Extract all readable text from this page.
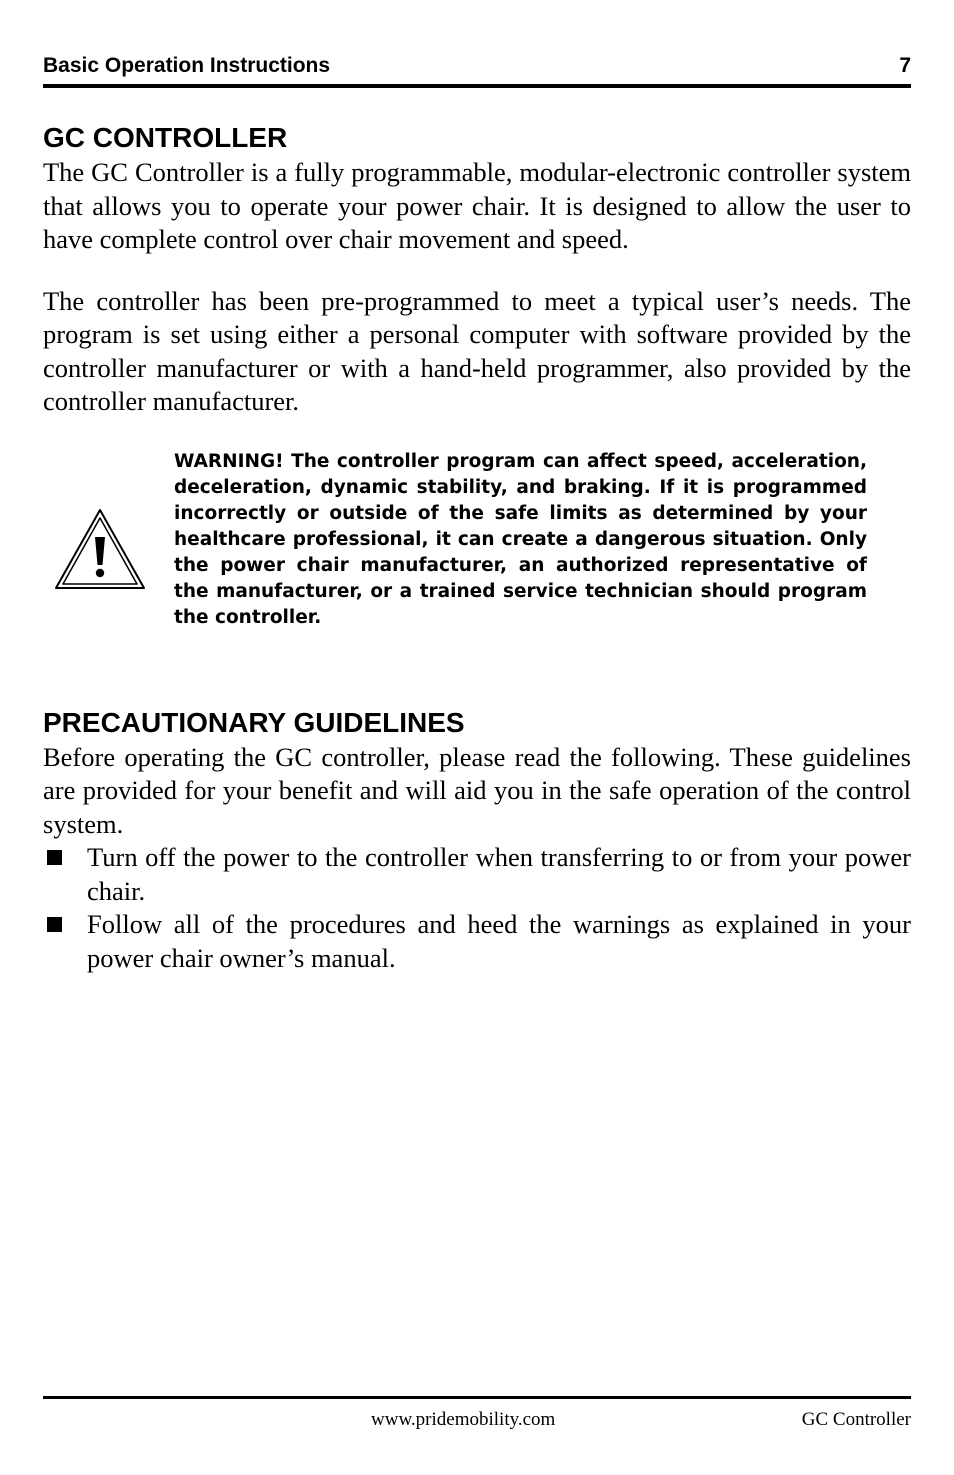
Basic Operation Instructions	7
GC CONTROLLER

The GC Controller is a fully programmable, modular-electronic controller system that allows you to operate your power chair. It is designed to allow the user to have complete control over chair movement and speed.

The controller has been pre-programmed to meet a typical user’s needs. The program is set using either a personal computer with software provided by the controller manufacturer or with a hand-held programmer, also provided by the controller manufacturer.

WARNING! The controller program can affect speed, acceleration, deceleration, dynamic stability, and braking. If it is programmed incorrectly or outside of the safe limits as determined by your healthcare professional, it can create a dangerous situation. Only the power chair manufacturer, an authorized representative of the manufacturer, or a trained service technician should program the controller.

PRECAUTIONARY GUIDELINES

Before operating the GC controller, please read the following. These guidelines are provided for your benefit and will aid you in the safe operation of the control system.

Turn off the power to the controller when transferring to or from your power chair.
Follow all of the procedures and heed the warnings as explained in your power chair owner’s manual.
www.pridemobility.com	GC Controller
